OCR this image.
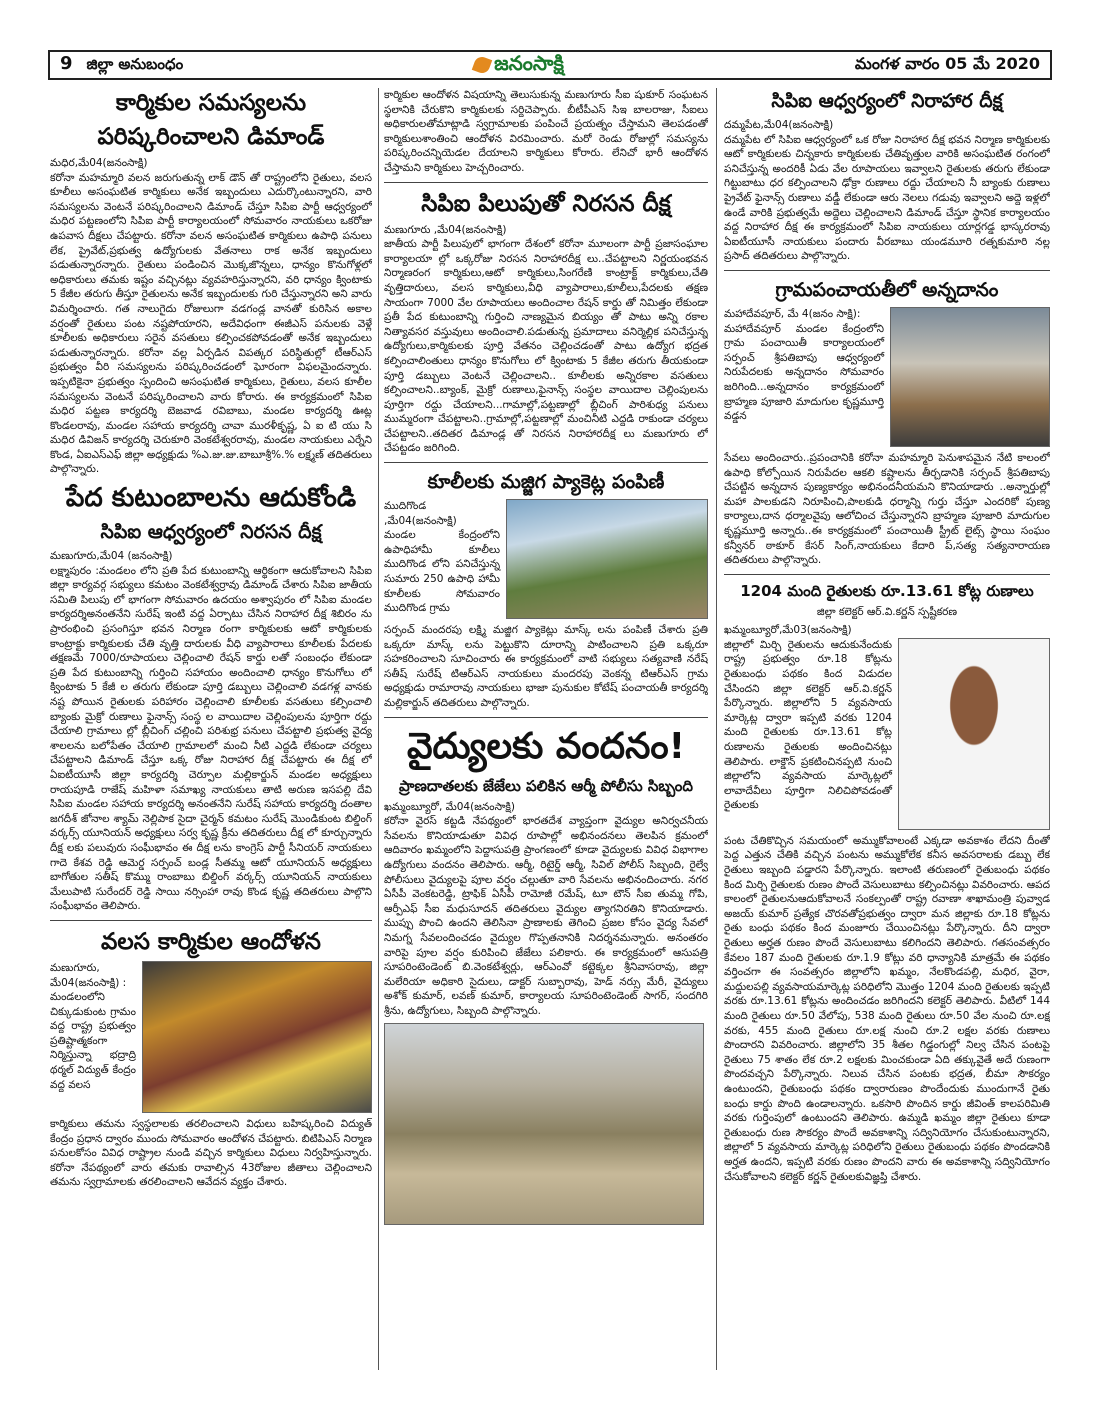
9 జిల్లా అనుబంధం	జనంసాక్షి	మంగళ వారం 05 మే 2020
కార్మికుల సమస్యలను
పరిష్కరించాలని డిమాండ్

మధిర,మే04(జనంసాక్షి)

కరోనా మహమ్మారి వలన జరుగుతున్న లాక్ డౌన్ తో రాష్ట్రంలోని రైతులు, వలస కూలీలు అసంఘటిత కార్మికులు అనేక ఇబ్బందులు ఎదుర్కొంటున్నారని, వారి సమస్యలను వెంటనే పరిష్కరించాలని డిమాండ్ చేస్తూ సిపిఐ పార్టీ ఆధ్వర్యంలో మధిర పట్టణంలోని సిపిఐ పార్టీ కార్యాలయంలో సోమవారం నాయకులు ఒకరోజు ఉపవాస దీక్షలు చేపట్టారు. కరోనా వలన అసంఘటిత కార్మికులు ఉపాధి పనులు లేక, ప్రైవేట్,ప్రభుత్వ ఉద్యోగులకు వేతనాలు రాక అనేక ఇబ్బందులు పడుతున్నారన్నారు. రైతులు పండించిన మొక్కజొన్నలు, ధాన్యం కొనుగోళ్లలో అధికారులు తమకు ఇష్టం వచ్చినట్లు వ్యవహరిస్తున్నారని, వరి ధాన్యం క్వింటాకు 5 కేజీల తరుగు తీస్తూ రైతులను అనేక ఇబ్బందులకు గురి చేస్తున్నారని అని వారు విమర్శించారు. గత నాలుగైదు రోజులుగా వడగండ్ల వానతో కురిసిన అకాల వర్షంతో రైతులు పంట నష్టపోయారని, అదేవిధంగా ఈజీఎస్ పనులకు వెళ్లే కూలీలకు అధికారులు సరైన వసతులు కల్పించకపోవడంతో అనేక ఇబ్బందులు పడుతున్నారన్నారు. కరోనా వల్ల ఏర్పడిన విపత్కర పరిస్థితుల్లో టీఆర్ఎస్ ప్రభుత్వం వీరి సమస్యలను పరిష్కరించడంలో ఘోరంగా విఫలమైందన్నారు. ఇప్పటికైనా ప్రభుత్వం స్పందించి అసంఘటిత కార్మికులు, రైతులు, వలస కూలీల సమస్యలను వెంటనే పరిష్కరించాలని వారు కోరారు. ఈ కార్యక్రమంలో సిపిఐ మధిర పట్టణ కార్యదర్శి బెజవాడ రవిబాబు, మండల కార్యదర్శి ఊట్ల కొండలరావు, మండల సహాయ కార్యదర్శి చావా మురళీకృష్ణ, ఏ ఐ టి యు సి మధిర డివిజన్ కార్యదర్శి చెరుకూరి వెంకటేశ్వరరావు, మండల నాయకులు ఎర్నేని కొండ, ఏఐఎస్ఎఫ్ జిల్లా అధ్యక్షుడు %ఎ.జు.జు.బాబూశ్రీ%.% లక్ష్మణ్ తదితరులు పాల్గొన్నారు.

పేద కుటుంబాలను ఆదుకోండి
సిపిఐ ఆధ్వర్యంలో నిరసన దీక్ష

మణుగూరు,మే04 (జనంసాక్షి)

లక్ష్మాపురం :మండలం లోని ప్రతి పేద కుటుంబాన్ని ఆర్థికంగా ఆదుకోవాలని సిపిఐ జిల్లా కార్యవర్గ సభ్యులు కమటం వెంకటేశ్వర్రావు డిమాండ్ చేశారు సిపిఐ జాతీయ సమితి పిలుపు లో భాగంగా సోమవారం ఉదయం అశ్వాపురం లో సిపిఐ మండల కార్యదర్శిఅనంతనేని సురేష్ ఇంటి వద్ద ఏర్పాటు చేసిన నిరాహార దీక్ష శిబిరం ను ప్రారంభించి ప్రసంగిస్తూ భవన నిర్మాణ రంగా కార్మికులకు ఆటో కార్మికులకు కాంట్రాక్టు కార్మికులకు చేతి వృత్తి దారులకు వీధి వ్యాపారాలు కూలీలకు పేదలకు తక్షణమే 7000/రూపాయలు చెల్లించాలి రేషన్ కార్డు లతో సంబంధం లేకుండా ప్రతి పేద కుటుంబాన్ని గుర్తించి సహాయం అందించాలి ధాన్యం కొనుగోలు లో క్వింటాకు 5 కేజీ ల తరుగు లేకుండా పూర్తి డబ్బులు చెల్లించాలి వడగళ్ల వానకు నష్ట పోయిన రైతులకు పరిహారం చెల్లించాలి కూలీలకు వసతులు కల్పించాలి బ్యాంకు మైక్రో రుణాలు ఫైనాన్స్ సంస్థ ల వాయిదాల చెల్లింపులను పూర్తిగా రద్దు చేయాలి గ్రామాలు ల్లో బ్లీచింగ్ చల్లించి పరిశుభ్ర పనులు చేపట్టాలి ప్రభుత్వ వైద్య శాలలను బలోపేతం చేయాలి గ్రామాలలో మంచి నీటి ఎద్దడి లేకుండా చర్యలు చేపట్టాలని డిమాండ్ చేస్తూ ఒక్క రోజు నిరాహార దీక్ష చేపట్టారు ఈ దీక్ష లో ఏఐటీయూసీ జిల్లా కార్యదర్శి చెర్పూల మల్లికార్జున్ మండల అధ్యక్షులు రాయపూడి రాజేష్ మహిళా సమాఖ్య నాయకులు తాటి అరుణ ఇసపల్లి దేవి సిపిఐ మండల సహాయ కార్యదర్శి అనంతనేని సురేష్ సహాయ కార్యదర్శి దంతాల జగదీశ్ జోనాల శ్యామ్ నెల్లిపాక సైదా చైర్మన్ కమటం సురేష్ మొండికుంట బిల్డింగ్ వర్కర్స్ యూనియన్ అధ్యక్షులు సర్వ కృష్ణ క్రీను తదితరులు దీక్ష లో కూర్చున్నారు దీక్ష లకు పలువురు సంఘీభావం ఈ దీక్ష లను కాంగ్రెస్ పార్టీ సీనియర్ నాయకులు గాదె కేశవ రెడ్డి ఆమెర్డ సర్పంచ్ బండ్ల సీతమ్మ ఆటో యూనియన్ అధ్యక్షులు బాగోతుల సతీష్ కొమ్ము రాంబాబు బిల్డింగ్ వర్కర్స్ యూనియన్ నాయకులు మేలుపాటి సురేందర్ రెడ్డి సాయి నర్సింహా రావు కొండ కృష్ణ తదితరులు పాల్గొని సంఘీభావం తెలిపారు.

వలస కార్మికుల ఆందోళన

మణుగూరు, మే04(జనంసాక్షి) :

మండలంలోని చిక్కుడుకుంట గ్రామం వద్ద రాష్ట్ర ప్రభుత్వం ప్రతిష్టాత్మకంగా నిర్మిస్తున్నా భద్రాద్రి థర్మల్ విద్యుత్ కేంద్రం వద్ద వలస

కార్మికులు తమను స్వస్థలాలకు తరలించాలని విధులు బహిష్కరించి విద్యుత్ కేంద్రం ప్రధాన ద్వారం ముందు సోమవారం ఆందోళన చేపట్టారు. బిటిపిఎస్ నిర్మాణ పనులకోసం వివిధ రాష్ట్రాల నుండి వచ్చిన కార్మికులు విధులు నిర్వహిస్తున్నారు. కరోనా నేపథ్యంలో వారు తమకు రావాల్సిన 43రోజుల జీతాలు చెల్లించాలని తమను స్వగ్రామాలకు తరలించాలని ఆవేదన వ్యక్తం చేశారు.

కార్మికుల ఆందోళన విషయాన్ని తెలుసుకున్న మణుగూరు సీఐ షుకూర్ సంఘటన స్థలానికి చేరుకొని కార్మికులకు సర్దిచెప్పారు. బీటీపీఎస్ సిఇ బాలరాజు, సీఐలు అధికారులతోమాట్లాడి స్వగ్రామాలకు పంపించే ప్రయత్నం చేస్తామని తెలపడంతో కార్మికులుశాంతించి ఆందోళన విరమించారు. మరో రెండు రోజుల్లో సమస్యను పరిష్కరించన్నియెడల దేయాలని కార్మికులు కోరారు. లేనిచో భారీ ఆందోళన చేస్తామని కార్మికులు హెచ్చరించారు.

సిపిఐ పిలుపుతో నిరసన దీక్ష

మణుగూరు ,మే04(జనంసాక్షి)

జాతీయ పార్టీ పిలుపులో భాగంగా దేశంలో కరోనా మూలంగా పార్టీ ప్రజాసంఘాల కార్యాలయా ల్లో ఒక్కరోజు నిరసన నిరాహారదీక్ష లు..చేపట్టాలని నిర్ణయంభవన నిర్మాణరంగ కార్మికులు,ఆటో కార్మికులు,సింగరేణి కాంట్రాక్ట్ కార్మికులు,చేతి వృత్తిదారులు, వలస కార్మికులు,వీధి వ్యాపారాలు,కూలీలు,పేదలకు తక్షణ సాయంగా 7000 వేల రూపాయలు అందించాల రేషన్ కార్డు తో నిమిత్తం లేకుండా ప్రతీ పేద కుటుంబాన్ని గుర్తించి నాణ్యమైన బియ్యం తో పాటు అన్ని రకాల నిత్యావసర వస్తువులు అందించాలి.పడుతున్న ప్రమాదాలు వనిర్మెల్లిక పనిచేస్తున్న ఉద్యోగులు,కార్మికులకు పూర్తి వేతనం చెల్లించడంతో పాటు ఉద్యోగ భద్రత కల్పించాలింతులు ధాన్యం కొనుగోలు లో క్వింటాకు 5 కేజీల తరుగు తీయకుండా పూర్తి డబ్బులు వెంటనే చెల్లించాలని.. కూలీలకు అన్నిరకాల వసతులు కల్పించాలని..బ్యాంక్, మైక్రో రుణాలు,ఫైనాన్స్ సంస్థల వాయిదాల చెల్లింపులను పూర్తిగా రద్దు చేయాలని...గామాల్లో,పట్టణాల్లో బ్లీచింగ్ పారిశుధ్య పనులు ముమ్మరంగా చేపట్టాలని..గ్రామాల్లో,పట్టణాల్లో మంచినీటి ఎద్దడి రాకుండా చర్యలు చేపట్టాలని..తదితర డిమాండ్ల తో నిరసన నిరాహారదీక్ష లు మణుగూరు లో చేపట్టడం జరిగింది.

కూలీలకు మజ్జిగ ప్యాకెట్ల పంపిణీ

ముదిగొండ ,మే04(జనంసాక్షి)

మండల కేంద్రంలోని ఉపాధిహామీ కూలీలు ముదిగొండ లోని పనిచేస్తున్న సుమారు 250 ఉపాధి హామీ కూలీలకు సోమవారం ముదిగొండ గ్రామ

సర్పంచ్ మందరపు లక్ష్మి మజ్జిగ ప్యాకెట్లు మాస్క్ లను పంపిణీ చేశారు ప్రతి ఒక్కరూ మాస్క్ లను పెట్టుకొని దూరాన్ని పాటించాలని ప్రతి ఒక్కరూ సహకరించాలని సూచించారు ఈ కార్యక్రమంలో వాటి సభ్యులు సత్యవాణి నరేష్ సతీష్ సురేష్ టిఆర్ఎస్ నాయకులు మందరపు వెంకన్న టిఆర్ఎస్ గ్రామ అధ్యక్షుడు రామారావు నాయకులు భాజా పునుకుల కోటేష్ పంచాయతీ కార్యదర్శి మల్లికార్జున్ తదితరులు పాల్గొన్నారు.

వైద్యులకు వందనం!
ప్రాణదాతలకు జేజేలు పలికిన ఆర్మీ పోలీసు సిబ్బంది

ఖమ్మంబ్యూరో, మే04(జనంసాక్షి)

కరోనా వైరస్ కట్టడి నేపథ్యంలో భారతదేశ వ్యాప్తంగా వైద్యుల అనిర్వచనీయ సేవలను కొనియాడుతూ వివిధ రూపాల్లో అభినందనలు తెలపిన క్రమంలో ఆదివారం ఖమ్మంలోని పెద్దాసుపత్రి ప్రాంగణంలో కూడా వైద్యులకు వివిధ విభాగాల ఉద్యోగులు వందనం తెలిపారు. ఆర్మీ, రిటైర్డ్ ఆర్మీ, సివిల్ పోలీస్ సిబ్బంది, రైల్వే పోలీసులు వైద్యులపై పూల వర్షం చల్లుతూ వారి సేవలను అభినందించారు. నగర ఏసీపీ వెంకటరెడ్డి, ట్రాఫిక్ ఏసీపీ రామోజీ రమేష్, టూ టౌన్ సీఐ తుమ్మ గోపి, ఆర్పీఎఫ్ సీఐ మధుసూదన్ తదితరులు వైద్యుల త్యాగనిరతిని కొనియాడారు. ముప్పు పొంచి ఉందని తెలిసినా ప్రాణాలకు తెగించి ప్రజల కోసం వైద్య సేవలో నిమగ్న సేవలందించడం వైద్యుల గొప్పతనానికి నిదర్శనమన్నారు. అనంతరం వారిపై పూల వర్షం కురిపించి జేజేలు పలికారు. ఈ కార్యక్రమంలో ఆసుపత్రి సూపరింటెండెంట్ బి.వెంకటేశ్వర్లు, ఆర్ఎంవో కట్టెక్కల శ్రీనివాసరావు, జిల్లా మలేరియా అధికారి సైదులు, డాక్టర్ సుబ్బారావు, హెడ్ నర్సు మేరీ, వైద్యులు అశోక్ కుమార్, లవణ్ కుమార్, కార్యాలయ సూపరింటెండెంట్ సాగర్, సందగిరి శ్రీను, ఉద్యోగులు, సిబ్బంది పాల్గొన్నారు.

సిపిఐ ఆధ్వర్యంలో నిరాహార దీక్ష

దమ్మపేట,మే04(జనంసాక్షి)

దమ్మపేట లో సిపిఐ ఆధ్వర్యంలో ఒక రోజు నిరాహార దీక్ష భవన నిర్మాణ కార్మికులకు ఆటో కార్మికులకు చిన్నకారు కార్మికులకు చేతివృత్తుల వారికి అసంఘటిత రంగంలో పనిచేస్తున్న అందరికీ ఏడు వేల రూపాయలు ఇవ్వాలని రైతులకు తరుగు లేకుండా గిట్టుబాటు ధర కల్పించాలని ఢోక్రా రుణాలు రద్దు చేయాలని నీ బ్యాంకు రుణాలు ప్రైవేట్ ఫైనాన్స్ రుణాలు వడ్డీ లేకుండా ఆరు నెలలు గడువు ఇవ్వాలని అద్దె ఇళ్లలో ఉండే వారికి ప్రభుత్వమే అద్దెలు చెల్లించాలని డిమాండ్ చేస్తూ స్థానిక కార్యాలయం వద్ద నిరాహార దీక్ష ఈ కార్యక్రమంలో సిపిఐ నాయకులు యార్లగడ్డ భాస్కరరావు ఏఐటీయూసీ నాయకులు పందారు వీరబాబు యండమూరి రత్నకుమారి నల్ల ప్రసాద్ తదితరులు పాల్గొన్నారు.

గ్రామపంచాయతీలో అన్నదానం

మహాదేవపూర్, మే 4(జనం సాక్షి):

మహాదేవపూర్ మండల కేంద్రంలోని గ్రామ పంచాయితీ కార్యాలయంలో సర్పంచ్ శ్రీపతిబాపు ఆధ్వర్యంలో నిరుపేదలకు అన్నదానం సోమవారం జరిగింది...అన్నదానం కార్యక్రమంలో బ్రాహ్మణ పూజారి మాదుగుల కృష్ణమూర్తి వడ్డన

సేవలు అందించారు..ప్రపంచానికి కరోనా మహమ్మారి పెనుశాపమైన నేటి కాలంలో ఉపాధి కోల్పోయిన నిరుపేదల ఆకలి కష్టాలను తీర్చడానికి సర్పంచ్ శ్రీపతిబాపు చేపట్టిన అన్నదాన పుణ్యకార్యం అభినందనీయమని కొనియాడారు ..అన్నార్తుల్లో మహా పాలకుడని నిరూపించి,పాలకుడి ధర్మాన్ని గుర్తు చేస్తూ ఎందరికో పుణ్య కార్యాలు,దాన ధర్మాలవైపు ఆలోచించ చేస్తున్నారని బ్రాహ్మణ పూజారి మాదుగుల కృష్ణమూర్తి అన్నారు..ఈ కార్యక్రమంలో పంచాయితీ స్ట్రీట్ లైట్స్ స్థాయి సంఘం కన్వీనర్ ఠాకూర్ కేసర్ సింగ్,నాయకులు కేదారి ప్,సత్య సత్యనారాయణ తదితరులు పాల్గొన్నారు.

1204 మంది రైతులకు రూ.13.61 కోట్ల రుణాలు

జిల్లా కలెక్టర్ ఆర్.వి.కర్ణన్ స్పష్టీకరణ

ఖమ్మంబ్యూరో,మే03(జనంసాక్షి)

జిల్లాలో మిర్చి రైతులను ఆదుకునేందుకు రాష్ట్ర ప్రభుత్వం రూ.18 కోట్లను రైతుబంధు పథకం కింద విడుదల చేసిందని జిల్లా కలెక్టర్ ఆర్.వి.కర్ణన్ పేర్కొన్నారు. జిల్లాలోని 5 వ్యవసాయ మార్కెట్ల ద్వారా ఇప్పటి వరకు 1204 మంది రైతులకు రూ.13.61 కోట్ల రుణాలను రైతులకు అందించినట్లు తెలిపారు. లాక్డౌన్ ప్రకటించినప్పటి నుంచి జిల్లాలోని వ్యవసాయ మార్కెట్లలో లావాదేవీలు పూర్తిగా నిలిచిపోవడంతో రైతులకు

పంట చేతికొచ్చిన సమయంలో అమ్ముకోవాలంటే ఎక్కడా అవకాశం లేదని దీంతో పెద్ద ఎత్తున చేతికి వచ్చిన పంటను అమ్ముకోలేక కనీస అవసరాలకు డబ్బు లేక రైతులు ఇబ్బంది పడ్డారని పేర్కొన్నారు. ఇలాంటి తరుణంలో రైతుబంధు పథకం కింద మిర్చి రైతులకు రుణం పొందే వెసులుబాటు కల్పించినట్లు వివరించారు. ఆపద కాలంలో రైతులనుఆదుకోవాలనే సంకల్పంతో రాష్ట్ర రవాణా శాఖామంత్రి పువ్వాడ అజయ్ కుమార్ ప్రత్యేక చొరవతోప్రభుత్వం ద్వారా మన జిల్లాకు రూ.18 కోట్లను రైతు బంధు పథకం కింద మంజూరు చేయించినట్లు పేర్కొన్నారు. దీని ద్వారా రైతులు అర్హత రుణం పొందే వెసులుబాటు కలిగిందని తెలిపారు. గతసంవత్సరం కేవలం 187 మంది రైతులకు రూ.1.9 కోట్లు వరి ధాన్యానికి మాత్రమే ఈ పథకం వర్తించగా ఈ సంవత్సరం జిల్లాలోని ఖమ్మం, నేలకొండపల్లి, మధిర, వైరా, మద్దులపల్లి వ్యవసాయమార్కెట్ల పరిధిలోని మొత్తం 1204 మంది రైతులకు ఇప్పటి వరకు రూ.13.61 కోట్లను అందించడం జరిగిందని కలెక్టర్ తెలిపారు. వీటిలో 144 మంది రైతులు రూ.50 వేలోపు, 538 మంది రైతులు రూ.50 వేల నుంచి రూ.లక్ష వరకు, 455 మంది రైతులు రూ.లక్ష నుంచి రూ.2 లక్షల వరకు రుణాలు పొందారని వివరించారు. జిల్లాలోని 35 శీతల గిడ్డంగుల్లో నిల్వ చేసిన పంటపై రైతులు 75 శాతం లేక రూ.2 లక్షలకు మించకుండా ఏది తక్కువైతే అదే రుణంగా పొందవచ్చని పేర్కొన్నారు. నిలువ చేసిన పంటకు భద్రత, బీమా సౌకర్యం ఉంటుందని, రైతుబంధు పథకం ద్వారారుణం పొందేందుకు ముందుగానే రైతు బంధు కార్డు పొంది ఉండాలన్నారు. ఒకసారి పొందిన కార్డు జీవింత్ కాలపరిమితి వరకు గుర్తింపులో ఉంటుందని తెలిపారు. ఉమ్మడి ఖమ్మం జిల్లా రైతులు కూడా రైతుబంధు రుణ సౌకర్యం పొందే అవకాశాన్ని సద్వినియోగం చేసుకుంటున్నారని, జిల్లాలో 5 వ్యవసాయ మార్కెట్ల పరిధిలోని రైతులు రైతుబంధు పథకం పొందడానికి అర్హత ఉందని, ఇప్పటి వరకు రుణం పొందని వారు ఈ అవకాశాన్ని సద్వినియోగం చేసుకోవాలని కలెక్టర్ కర్ణన్ రైతులకువిజ్ఞప్తి చేశారు.
